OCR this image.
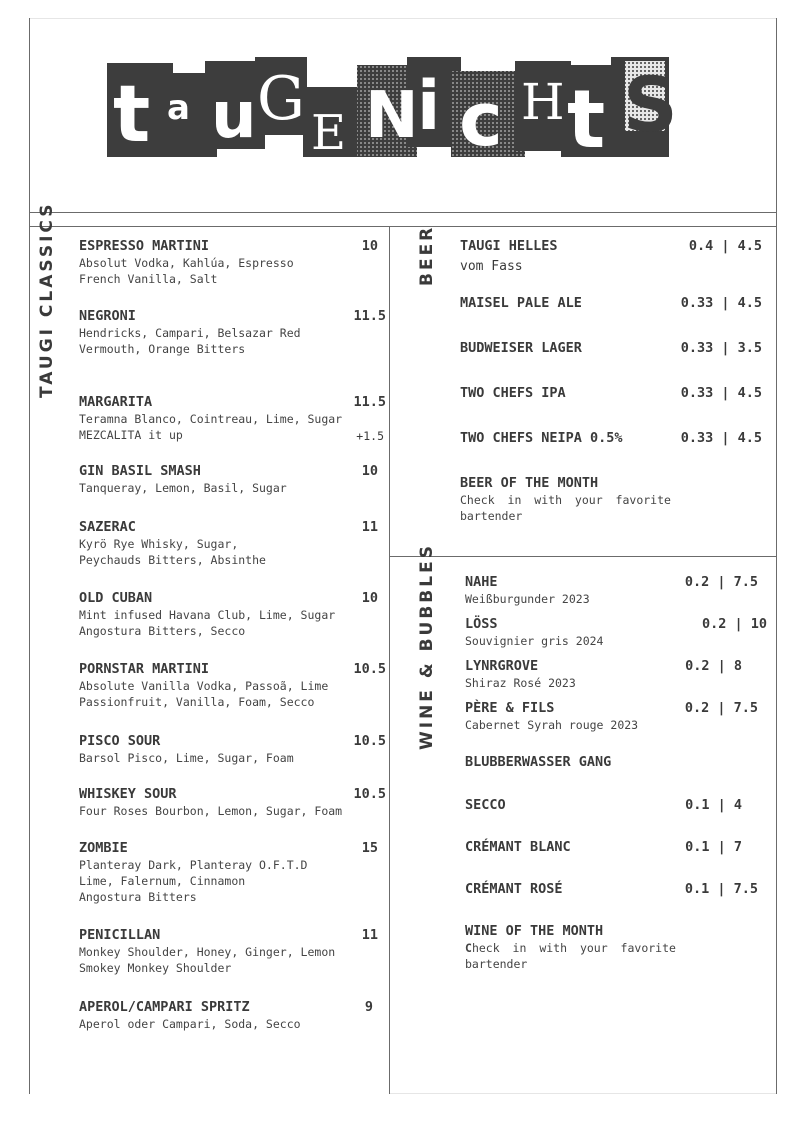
t a u G E N
i c H t S
TAUGI CLASSICS	BEER
WINE & BUBBLES
ESPRESSO MARTINI
Absolut Vodka, Kahlúa, Espresso
French Vanilla, Salt
10
NEGRONI
Hendricks, Campari, Belsazar Red
Vermouth, Orange Bitters
11.5
MARGARITA
Teramna Blanco, Cointreau, Lime, Sugar
MEZCALITA it up
11.5
+1.5
GIN BASIL SMASH
Tanqueray, Lemon, Basil, Sugar
10
SAZERAC
Kyrö Rye Whisky, Sugar,
Peychauds Bitters, Absinthe
11
OLD CUBAN
Mint infused Havana Club, Lime, Sugar
Angostura Bitters, Secco
10
PORNSTAR MARTINI
Absolute Vanilla Vodka, Passoã, Lime
Passionfruit, Vanilla, Foam, Secco
10.5
PISCO SOUR
Barsol Pisco, Lime, Sugar, Foam
10.5
WHISKEY SOUR
Four Roses Bourbon, Lemon, Sugar, Foam
10.5
ZOMBIE
Planteray Dark, Planteray O.F.T.D
Lime, Falernum, Cinnamon
Angostura Bitters
15
PENICILLAN
Monkey Shoulder, Honey, Ginger, Lemon
Smokey Monkey Shoulder
11
APEROL/CAMPARI SPRITZ
Aperol oder Campari, Soda, Secco
9
TAUGI HELLES
vom Fass
0.4 | 4.5
MAISEL PALE ALE	0.33 | 4.5
BUDWEISER LAGER	0.33 | 3.5
TWO CHEFS IPA	0.33 | 4.5
TWO CHEFS NEIPA 0.5%	0.33 | 4.5
BEER OF THE MONTH
Check in with your favorite
bartender
NAHE
Weißburgunder 2023
0.2 | 7.5
LÖSS
Souvignier gris 2024
0.2 | 10
LYNRGROVE
Shiraz Rosé 2023
0.2 | 8
PÈRE & FILS
Cabernet Syrah rouge 2023
0.2 | 7.5
BLUBBERWASSER GANG
SECCO	0.1 | 4
CRÉMANT BLANC	0.1 | 7
CRÉMANT ROSÉ	0.1 | 7.5
WINE OF THE MONTH
Check in with your favorite
bartender
